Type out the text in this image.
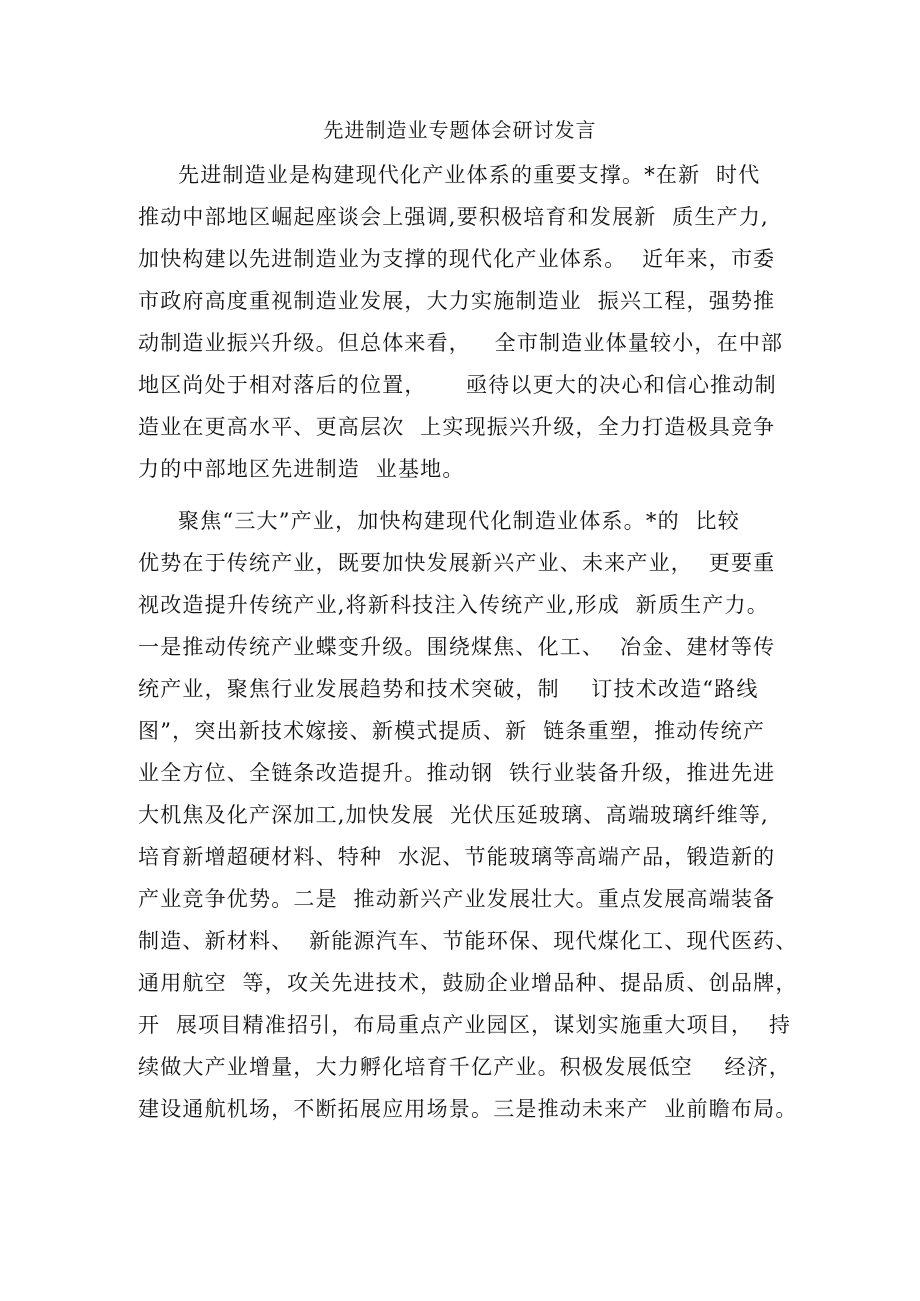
先进制造业专题体会研讨发言
先进制造业是构建现代化产业体系的重要支撑。*在新  时代
推动中部地区崛起座谈会上强调,要积极培育和发展新  质生产力,
加快构建以先进制造业为支撑的现代化产业体系。  近年来，市委
市政府高度重视制造业发展，大力实施制造业  振兴工程，强势推
动制造业振兴升级。但总体来看，   全市制造业体量较小，在中部
地区尚处于相对落后的位置，     亟待以更大的决心和信心推动制
造业在更高水平、更高层次  上实现振兴升级，全力打造极具竞争
力的中部地区先进制造  业基地。
聚焦“三大”产业，加快构建现代化制造业体系。*的  比较
优势在于传统产业，既要加快发展新兴产业、未来产业，  更要重
视改造提升传统产业,将新科技注入传统产业,形成  新质生产力。
一是推动传统产业蝶变升级。围绕煤焦、化工、  冶金、建材等传
统产业，聚焦行业发展趋势和技术突破，制    订技术改造“路线
图”，突出新技术嫁接、新模式提质、新  链条重塑，推动传统产
业全方位、全链条改造提升。推动钢  铁行业装备升级，推进先进
大机焦及化产深加工,加快发展  光伏压延玻璃、高端玻璃纤维等,
培育新增超硬材料、特种  水泥、节能玻璃等高端产品，锻造新的
产业竞争优势。二是  推动新兴产业发展壮大。重点发展高端装备
制造、新材料、  新能源汽车、节能环保、现代煤化工、现代医药、
通用航空  等，攻关先进技术，鼓励企业增品种、提品质、创品牌，
开  展项目精准招引，布局重点产业园区，谋划实施重大项目，  持
续做大产业增量，大力孵化培育千亿产业。积极发展低空    经济，
建设通航机场，不断拓展应用场景。三是推动未来产  业前瞻布局。
